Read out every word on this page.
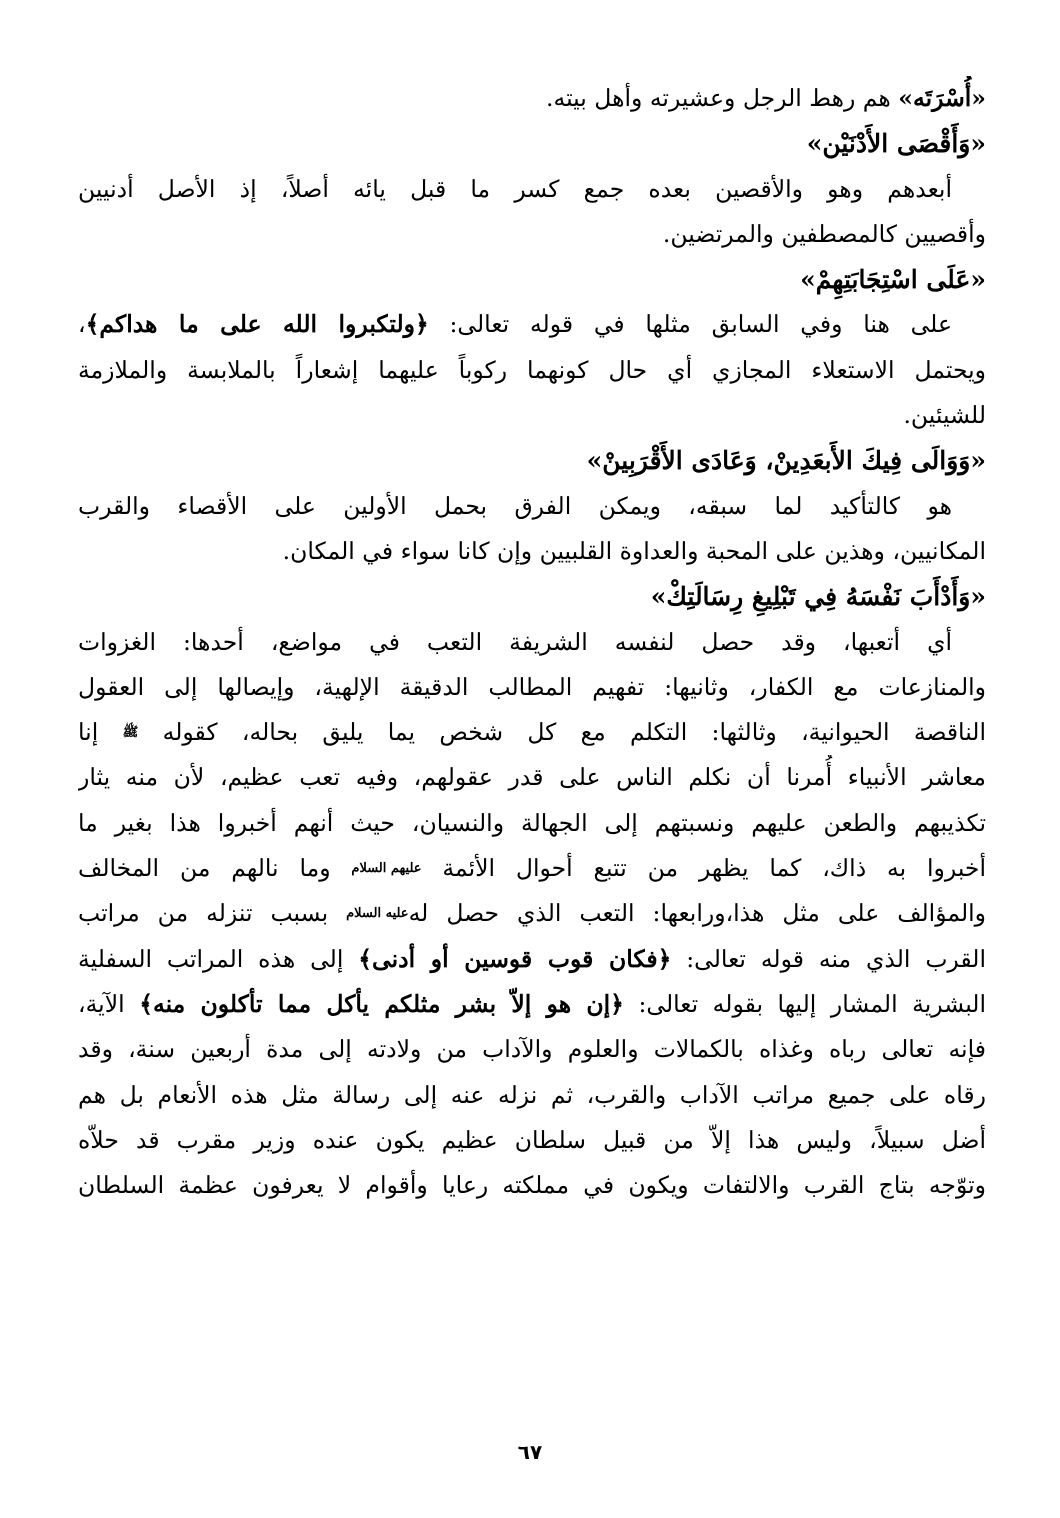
«أُسْرَتَه» هم رهط الرجل وعشيرته وأهل بيته.
«وَأَقْصَى الأَدْنَيْن»
أبعدهم وهو والأقصين بعده جمع كسر ما قبل يائه أصلاً، إذ الأصل أدنيين
وأقصيين كالمصطفين والمرتضين.
«عَلَى اسْتِجَابَتِهِمْ»
على هنا وفي السابق مثلها في قوله تعالى: ﴿ولتكبروا الله على ما هداكم﴾،
ويحتمل الاستعلاء المجازي أي حال كونهما ركوباً عليهما إشعاراً بالملابسة والملازمة
للشيئين.
«وَوَالَى فِيكَ الأَبعَدِينْ، وَعَادَى الأَقْرَبِينْ»
هو كالتأكيد لما سبقه، ويمكن الفرق بحمل الأولين على الأقصاء والقرب
المكانيين، وهذين على المحبة والعداوة القلبيين وإن كانا سواء في المكان.
«وَأَدْأَبَ نَفْسَهُ فِي تَبْلِيغِ رِسَالَتِكْ»
أي أتعبها، وقد حصل لنفسه الشريفة التعب في مواضع، أحدها: الغزوات
والمنازعات مع الكفار، وثانيها: تفهيم المطالب الدقيقة الإلهية، وإيصالها إلى العقول
الناقصة الحيوانية، وثالثها: التكلم مع كل شخص يما يليق بحاله، كقوله ﷺ إنا
معاشر الأنبياء أُمرنا أن نكلم الناس على قدر عقولهم، وفيه تعب عظيم، لأن منه يثار
تكذيبهم والطعن عليهم ونسبتهم إلى الجهالة والنسيان، حيث أنهم أخبروا هذا بغير ما
أخبروا به ذاك، كما يظهر من تتبع أحوال الأئمة عليهم السلام وما نالهم من المخالف
والمؤالف على مثل هذا،ورابعها: التعب الذي حصل لهعليه السلام بسبب تنزله من مراتب
القرب الذي منه قوله تعالى: ﴿فكان قوب قوسين أو أدنى﴾ إلى هذه المراتب السفلية
البشرية المشار إليها بقوله تعالى: ﴿إن هو إلاّ بشر مثلكم يأكل مما تأكلون منه﴾ الآية،
فإنه تعالى رباه وغذاه بالكمالات والعلوم والآداب من ولادته إلى مدة أربعين سنة، وقد
رقاه على جميع مراتب الآداب والقرب، ثم نزله عنه إلى رسالة مثل هذه الأنعام بل هم
أضل سبيلاً، وليس هذا إلاّ من قبيل سلطان عظيم يكون عنده وزير مقرب قد حلاّه
وتوّجه بتاج القرب والالتفات ويكون في مملكته رعايا وأقوام لا يعرفون عظمة السلطان
٦٧
